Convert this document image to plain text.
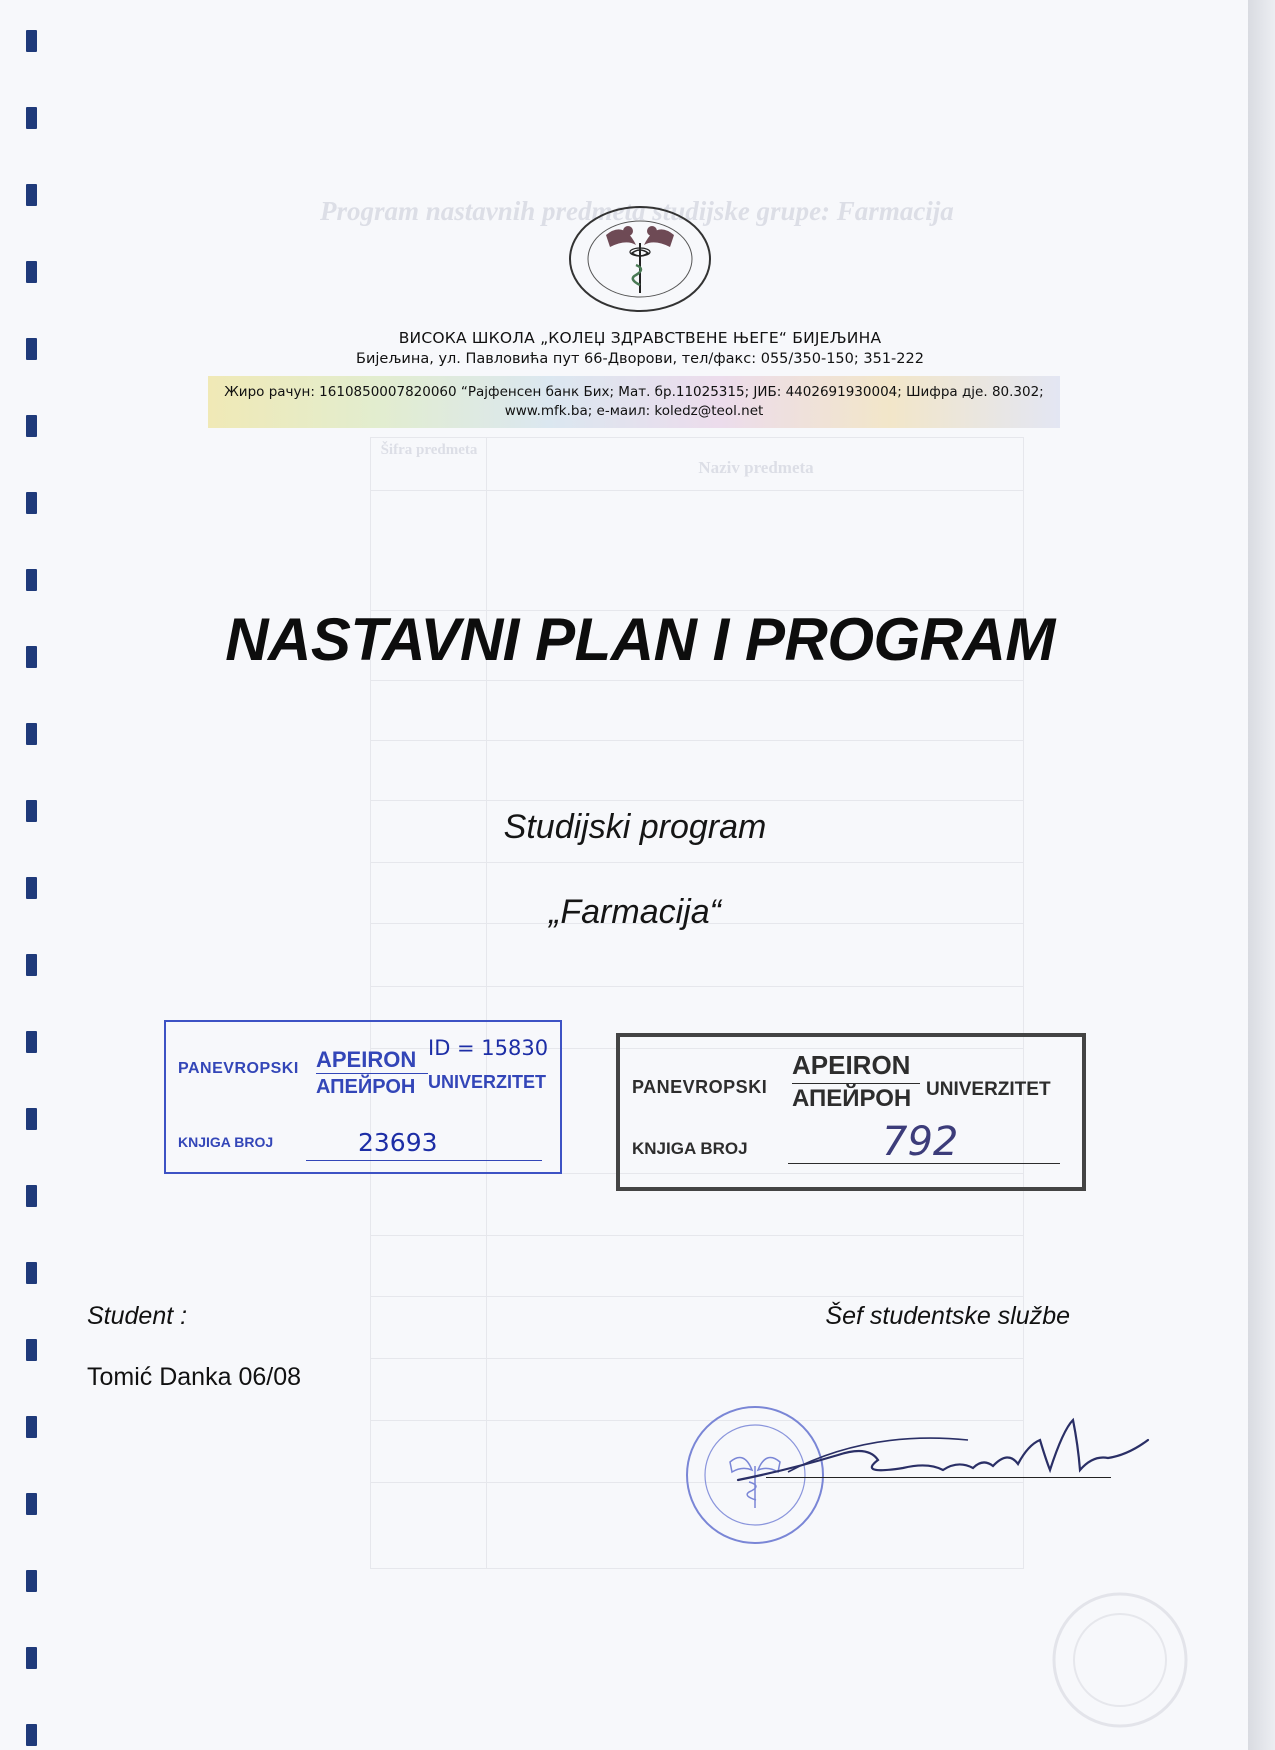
Program nastavnih predmeta studijske grupe: Farmacija
Šifra predmeta
Naziv predmeta
ВИСОКА ШКОЛА „КОЛЕЏ ЗДРАВСТВЕНЕ ЊЕГЕ“ БИЈЕЉИНА
Бијељина, ул. Павловића пут 66-Дворови, тел/факс: 055/350-150; 351-222
Жиро рачун: 1610850007820060 “Рајфенсен банк Бих; Мат. бр.11025315; ЈИБ: 4402691930004; Шифра дје. 80.302;
www.mfk.ba; e-маил: koledz@teol.net
NASTAVNI PLAN I PROGRAM
Studijski program
„Farmacija“
PANEVROPSKI APEIRON
АПЕЙРОН UNIVERZITET
ID = 15830
KNJIGA BROJ	23693
PANEVROPSKI
APEIRON
АПЕЙРОН UNIVERZITET
KNJIGA BROJ	792
Student :
Tomić Danka 06/08
Šef studentske službe
